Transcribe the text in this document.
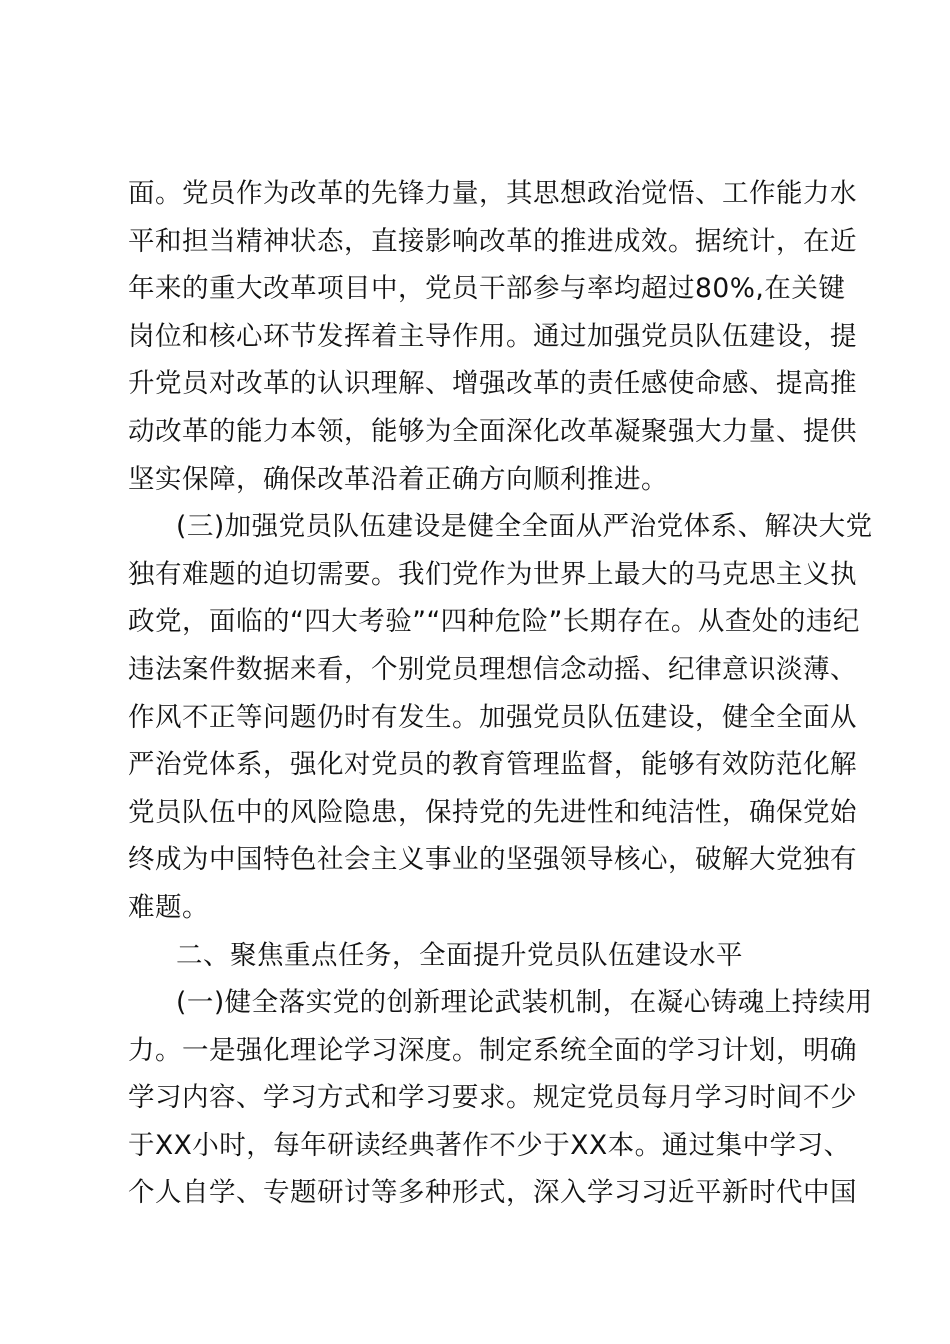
面。党员作为改革的先锋力量，其思想政治觉悟、工作能力水
平和担当精神状态，直接影响改革的推进成效。据统计，在近
年来的重大改革项目中，党员干部参与率均超过80%,在关键
岗位和核心环节发挥着主导作用。通过加强党员队伍建设，提
升党员对改革的认识理解、增强改革的责任感使命感、提高推
动改革的能力本领，能够为全面深化改革凝聚强大力量、提供
坚实保障，确保改革沿着正确方向顺利推进。
(三)加强党员队伍建设是健全全面从严治党体系、解决大党
独有难题的迫切需要。我们党作为世界上最大的马克思主义执
政党，面临的“四大考验”“四种危险”长期存在。从查处的违纪
违法案件数据来看，个别党员理想信念动摇、纪律意识淡薄、
作风不正等问题仍时有发生。加强党员队伍建设，健全全面从
严治党体系，强化对党员的教育管理监督，能够有效防范化解
党员队伍中的风险隐患，保持党的先进性和纯洁性，确保党始
终成为中国特色社会主义事业的坚强领导核心，破解大党独有
难题。
二、聚焦重点任务，全面提升党员队伍建设水平
(一)健全落实党的创新理论武装机制，在凝心铸魂上持续用
力。一是强化理论学习深度。制定系统全面的学习计划，明确
学习内容、学习方式和学习要求。规定党员每月学习时间不少
于XX小时，每年研读经典著作不少于XX本。通过集中学习、
个人自学、专题研讨等多种形式，深入学习习近平新时代中国
